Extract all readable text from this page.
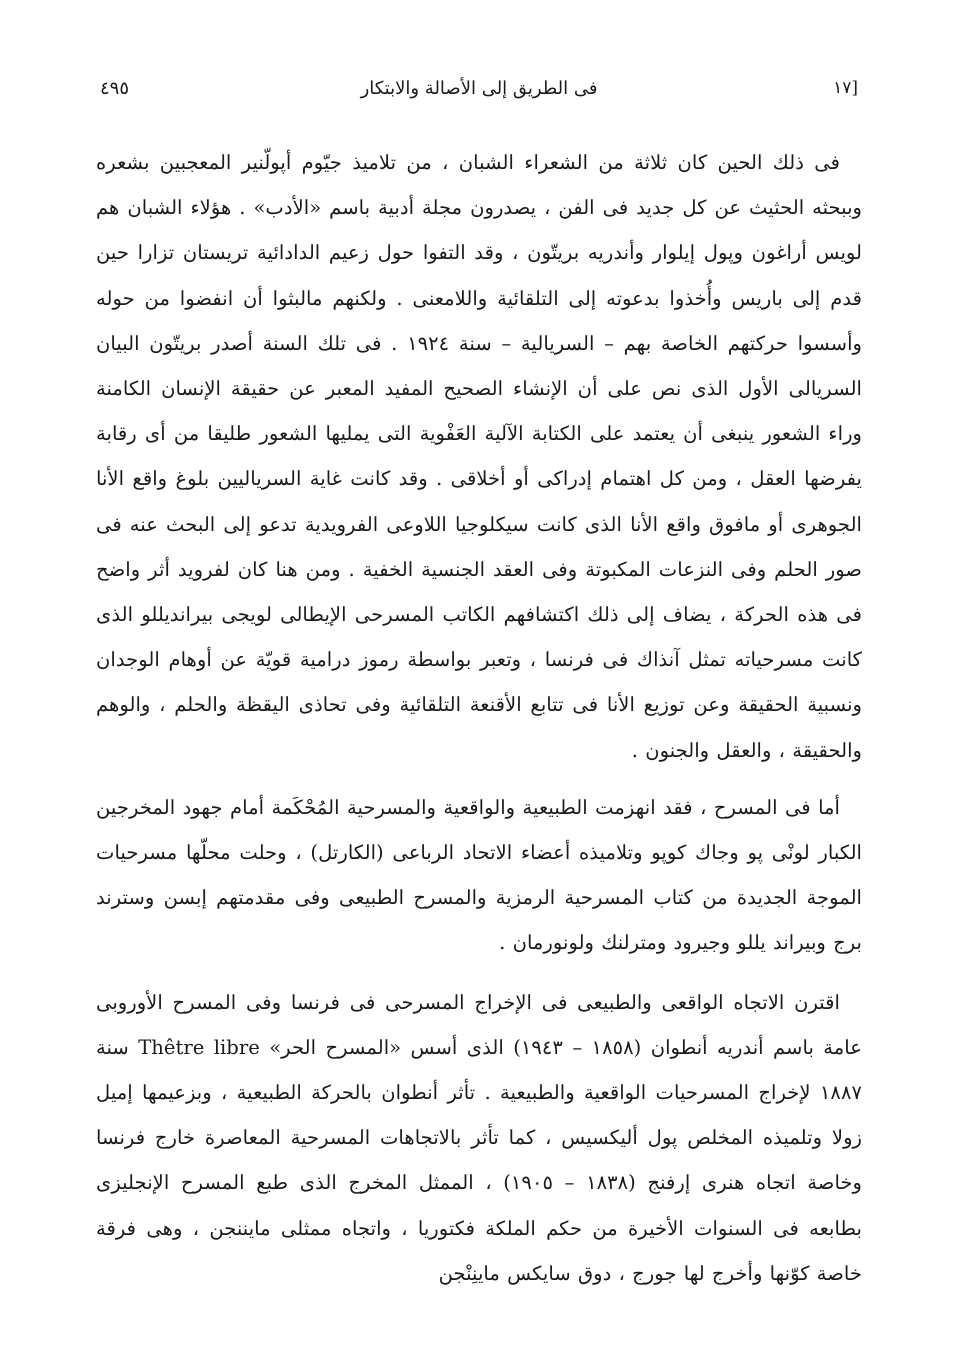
[١٧
فى الطريق إلى الأصالة والابتكار
٤٩٥

فى ذلك الحين كان ثلاثة من الشعراء الشبان ، من تلاميذ جيّوم أپولّنير المعجبين بشعره وببحثه الحثيث عن كل جديد فى الفن ، يصدرون مجلة أدبية باسم «الأدب» . هؤلاء الشبان هم لويس أراغون وپول إيلوار وأندريه بريتّون ، وقد التفوا حول زعيم الدادائية تريستان تزارا حين قدم إلى باريس وأُخذوا بدعوته إلى التلقائية واللامعنى . ولكنهم مالبثوا أن انفضوا من حوله وأسسوا حركتهم الخاصة بهم – السريالية – سنة ١٩٢٤ . فى تلك السنة أصدر بريتّون البيان السريالى الأول الذى نص على أن الإنشاء الصحيح المفيد المعبر عن حقيقة الإنسان الكامنة وراء الشعور ينبغى أن يعتمد على الكتابة الآلية العَفْوية التى يمليها الشعور طليقا من أى رقابة يفرضها العقل ، ومن كل اهتمام إدراكى أو أخلاقى . وقد كانت غاية السرياليين بلوغ واقع الأنا الجوهرى أو مافوق واقع الأنا الذى كانت سيكلوجيا اللاوعى الفرويدية تدعو إلى البحث عنه فى صور الحلم وفى النزعات المكبوتة وفى العقد الجنسية الخفية . ومن هنا كان لفرويد أثر واضح فى هذه الحركة ، يضاف إلى ذلك اكتشافهم الكاتب المسرحى الإيطالى لويجى بيرانديللو الذى كانت مسرحياته تمثل آنذاك فى فرنسا ، وتعبر بواسطة رموز درامية قويّة عن أوهام الوجدان ونسبية الحقيقة وعن توزيع الأنا فى تتابع الأقنعة التلقائية وفى تحاذى اليقظة والحلم ، والوهم والحقيقة ، والعقل والجنون .

أما فى المسرح ، فقد انهزمت الطبيعية والواقعية والمسرحية المُحْكَمة أمام جهود المخرجين الكبار لونْى پو وجاك كوپو وتلاميذه أعضاء الاتحاد الرباعى (الكارتل) ، وحلت محلّها مسرحيات الموجة الجديدة من كتاب المسرحية الرمزية والمسرح الطبيعى وفى مقدمتهم إبسن وسترند برج وبيراند يللو وجيرود ومترلنك ولونورمان .

اقترن الاتجاه الواقعى والطبيعى فى الإخراج المسرحى فى فرنسا وفى المسرح الأوروبى عامة باسم أندريه أنطوان (١٨٥٨ – ١٩٤٣) الذى أسس «المسرح الحر» Thêtre libre سنة ١٨٨٧ لإخراج المسرحيات الواقعية والطبيعية . تأثر أنطوان بالحركة الطبيعية ، وبزعيمها إميل زولا وتلميذه المخلص پول أليكسيس ، كما تأثر بالاتجاهات المسرحية المعاصرة خارج فرنسا وخاصة اتجاه هنرى إرفنج (١٨٣٨ – ١٩٠٥) ، الممثل المخرج الذى طبع المسرح الإنجليزى بطابعه فى السنوات الأخيرة من حكم الملكة فكتوريا ، واتجاه ممثلى مايننجن ، وهى فرقة خاصة كوّنها وأخرج لها جورج ، دوق سايكس ماينِنْجن
